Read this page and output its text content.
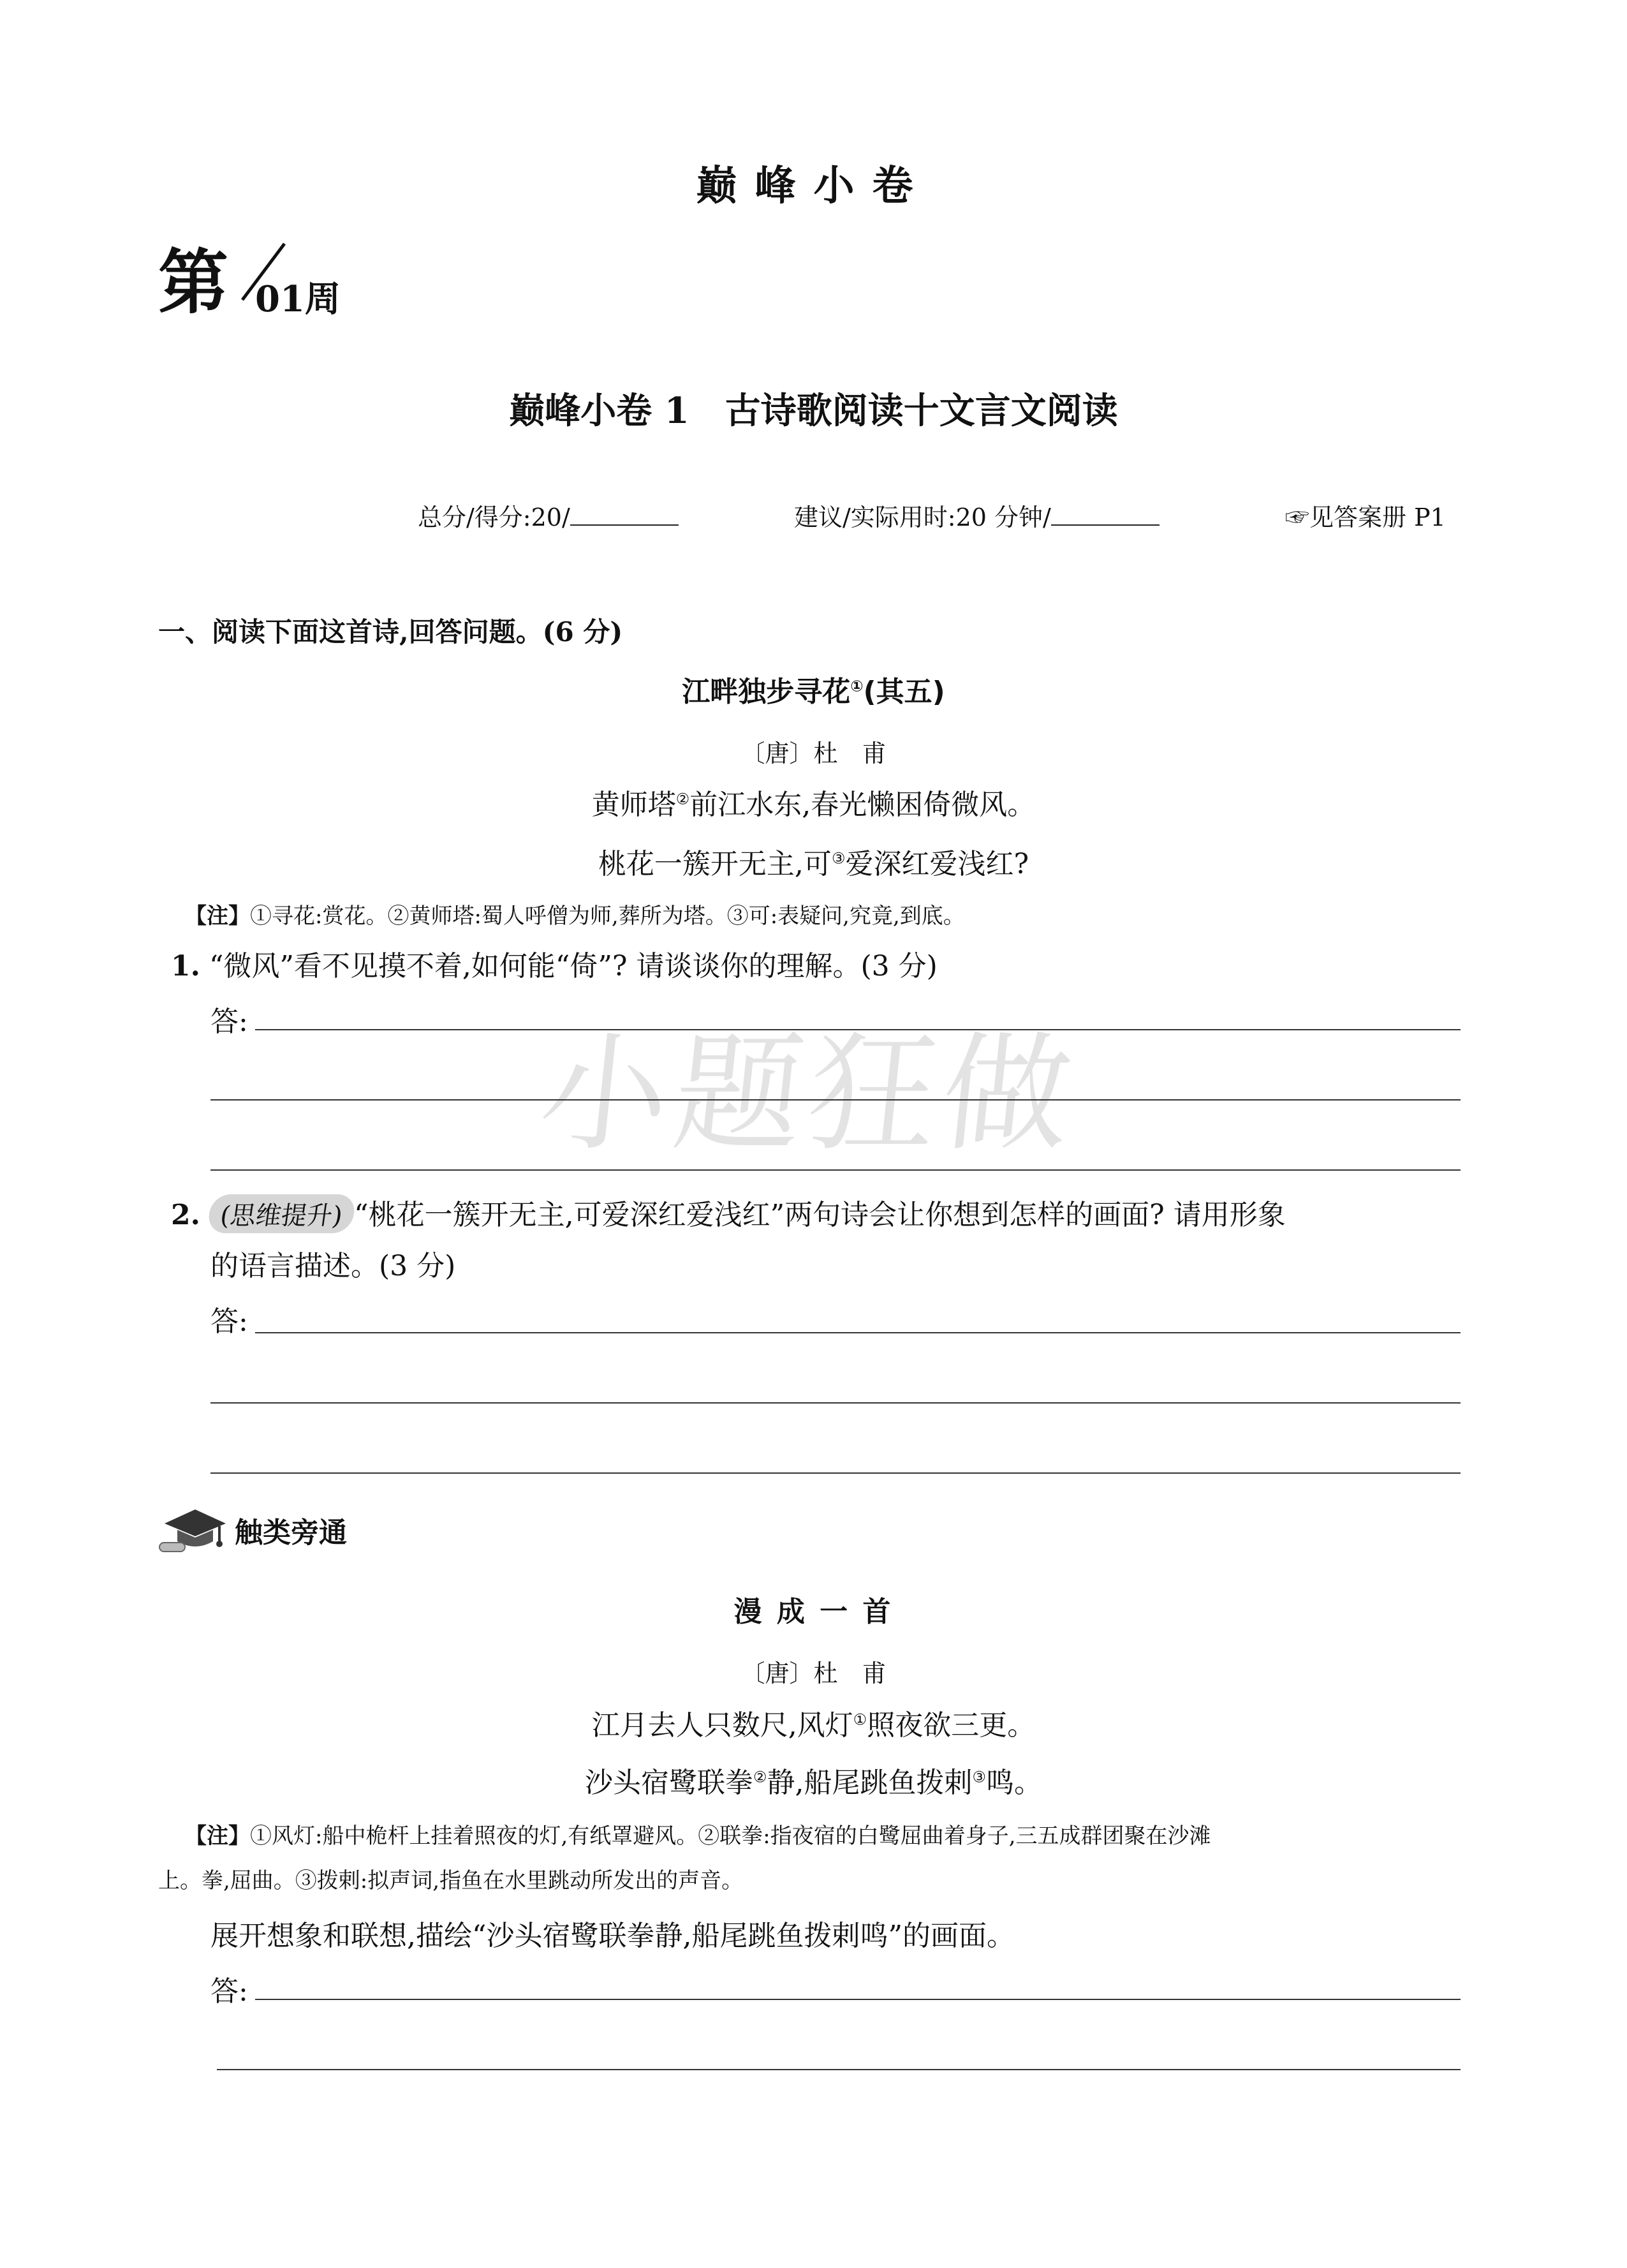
巅峰小卷
第 01周
巅峰小卷 1　古诗歌阅读十文言文阅读
总分/得分:20/	建议/实际用时:20 分钟/	☞见答案册 P1
一、阅读下面这首诗,回答问题。(6 分)
江畔独步寻花①(其五)
〔唐〕杜　甫
黄师塔②前江水东,春光懒困倚微风。
桃花一簇开无主,可③爱深红爱浅红?
【注】①寻花:赏花。②黄师塔:蜀人呼僧为师,葬所为塔。③可:表疑问,究竟,到底。
小题狂做
1. “微风”看不见摸不着,如何能“倚”? 请谈谈你的理解。(3 分)
答:
2. (思维提升) “桃花一簇开无主,可爱深红爱浅红”两句诗会让你想到怎样的画面? 请用形象
的语言描述。(3 分)
答:
触类旁通
漫 成 一 首
〔唐〕杜　甫
江月去人只数尺,风灯①照夜欲三更。
沙头宿鹭联拳②静,船尾跳鱼拨剌③鸣。
【注】①风灯:船中桅杆上挂着照夜的灯,有纸罩避风。②联拳:指夜宿的白鹭屈曲着身子,三五成群团聚在沙滩
上。拳,屈曲。③拨剌:拟声词,指鱼在水里跳动所发出的声音。
展开想象和联想,描绘“沙头宿鹭联拳静,船尾跳鱼拨剌鸣”的画面。
答:
